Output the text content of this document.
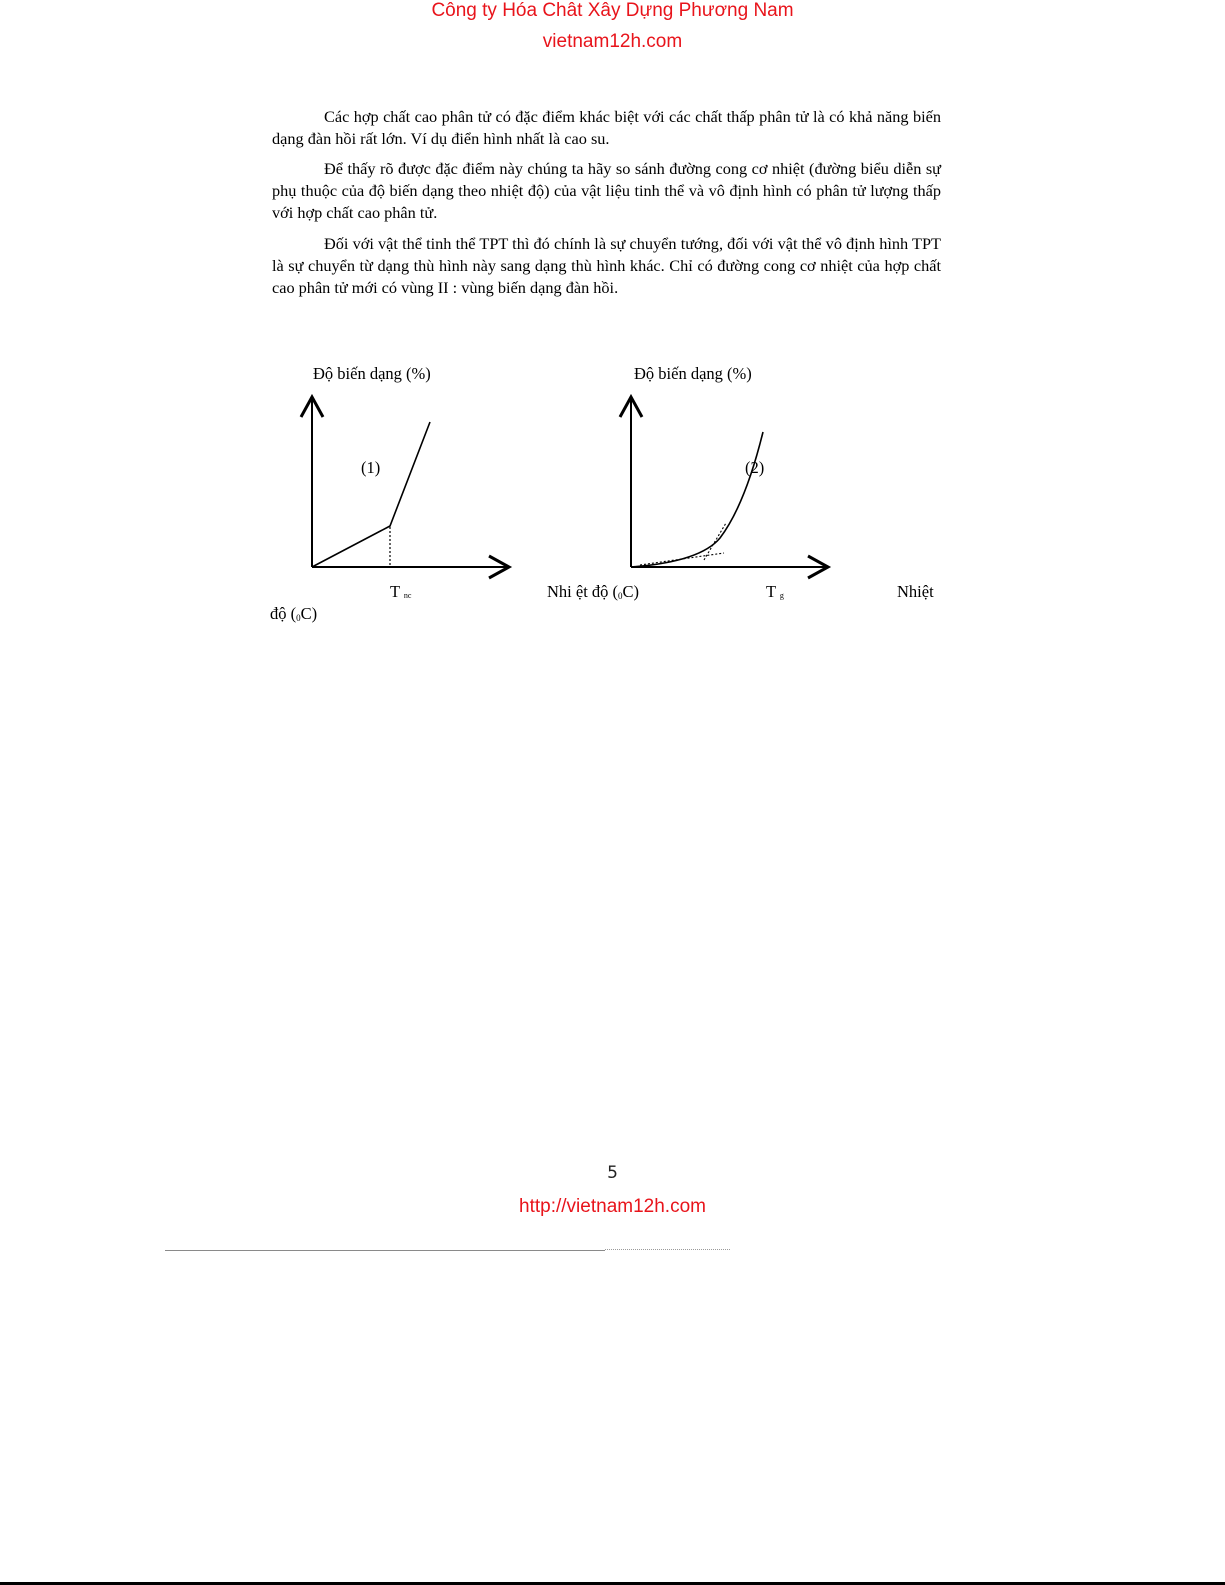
Công ty Hóa Chât Xây Dựng Phương Nam
vietnam12h.com

Các hợp chất cao phân tử có đặc điểm khác biệt với các chất thấp phân tử là có khả năng biến dạng đàn hồi rất lớn. Ví dụ điển hình nhất là cao su.

Để thấy rõ được đặc điểm này chúng ta hãy so sánh đường cong cơ nhiệt (đường biểu diễn sự phụ thuộc của độ biến dạng theo nhiệt độ) của vật liệu tinh thể và vô định hình có phân tử lượng thấp với hợp chất cao phân tử.

Đối với vật thể tinh thể TPT thì đó chính là sự chuyển tướng, đối với vật thể vô định hình TPT là sự chuyển từ dạng thù hình này sang dạng thù hình khác. Chỉ có đường cong cơ nhiệt của hợp chất cao phân tử mới có vùng II : vùng biến dạng đàn hồi.

Độ biến dạng (%)
(1)
T nc	Nhi ệt độ (0C)
Độ biến dạng (%)
(2)
T g	Nhiệt
độ (0C)
5
http://vietnam12h.com
